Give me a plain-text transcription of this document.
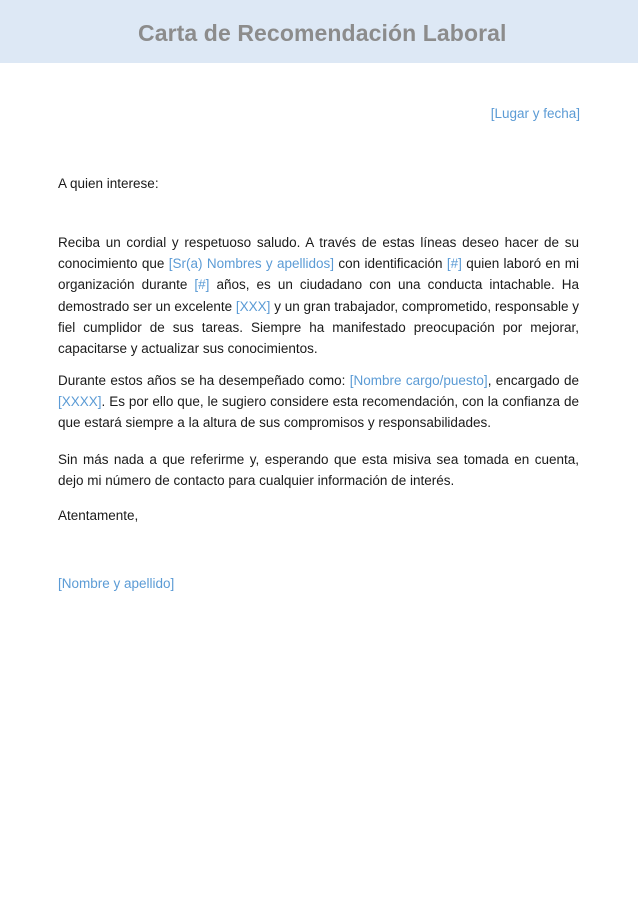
Carta de Recomendación Laboral
[Lugar y fecha]
A quien interese:

Reciba un cordial y respetuoso saludo. A través de estas líneas deseo hacer de su conocimiento que [Sr(a) Nombres y apellidos] con identificación [#] quien laboró en mi organización durante [#] años, es un ciudadano con una conducta intachable. Ha demostrado ser un excelente [XXX] y un gran trabajador, comprometido, responsable y fiel cumplidor de sus tareas. Siempre ha manifestado preocupación por mejorar, capacitarse y actualizar sus conocimientos.

Durante estos años se ha desempeñado como: [Nombre cargo/puesto], encargado de [XXXX]. Es por ello que, le sugiero considere esta recomendación, con la confianza de que estará siempre a la altura de sus compromisos y responsabilidades.

Sin más nada a que referirme y, esperando que esta misiva sea tomada en cuenta, dejo mi número de contacto para cualquier información de interés.

Atentamente,
[Nombre y apellido]
